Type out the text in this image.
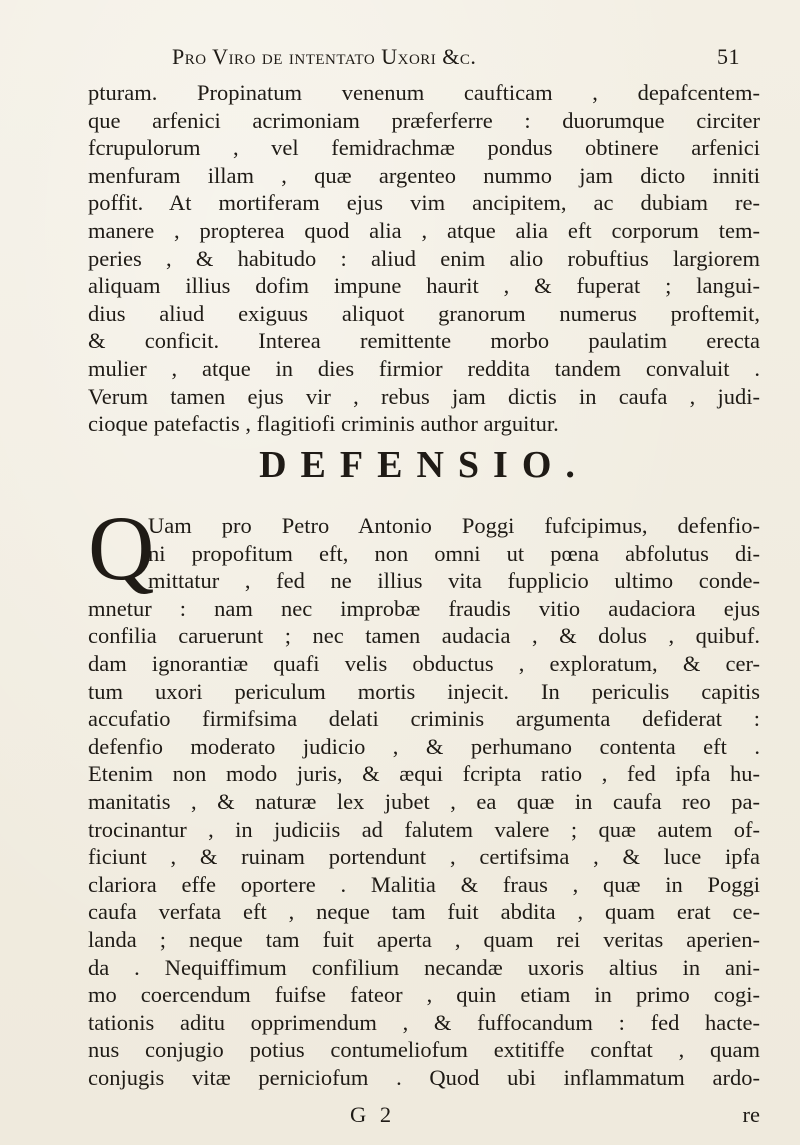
Pro Viro de intentato Uxori &c.	51
pturam. Propinatum venenum caufticam , depafcentem-
que arfenici acrimoniam præferferre : duorumque circiter
fcrupulorum , vel femidrachmæ pondus obtinere arfenici
menfuram illam , quæ argenteo nummo jam dicto inniti
poffit. At mortiferam ejus vim ancipitem, ac dubiam re-
manere , propterea quod alia , atque alia eft corporum tem-
peries , & habitudo : aliud enim alio robuftius largiorem
aliquam illius dofim impune haurit , & fuperat ; langui-
dius aliud exiguus aliquot granorum numerus proftemit,
& conficit. Interea remittente morbo paulatim erecta
mulier , atque in dies firmior reddita tandem convaluit .
Verum tamen ejus vir , rebus jam dictis in caufa , judi-
cioque patefactis , flagitiofi criminis author arguitur.
DEFENSIO.
Q
Uam pro Petro Antonio Poggi fufcipimus, defenfio-
ni propofitum eft, non omni ut pœna abfolutus di-
mittatur , fed ne illius vita fupplicio ultimo conde-
mnetur : nam nec improbæ fraudis vitio audaciora ejus
confilia caruerunt ; nec tamen audacia , & dolus , quibuf.
dam ignorantiæ quafi velis obductus , exploratum, & cer-
tum uxori periculum mortis injecit. In periculis capitis
accufatio firmifsima delati criminis argumenta defiderat :
defenfio moderato judicio , & perhumano contenta eft .
Etenim non modo juris, & æqui fcripta ratio , fed ipfa hu-
manitatis , & naturæ lex jubet , ea quæ in caufa reo pa-
trocinantur , in judiciis ad falutem valere ; quæ autem of-
ficiunt , & ruinam portendunt , certifsima , & luce ipfa
clariora effe oportere . Malitia & fraus , quæ in Poggi
caufa verfata eft , neque tam fuit abdita , quam erat ce-
landa ; neque tam fuit aperta , quam rei veritas aperien-
da . Nequiffimum confilium necandæ uxoris altius in ani-
mo coercendum fuifse fateor , quin etiam in primo cogi-
tationis aditu opprimendum , & fuffocandum : fed hacte-
nus conjugio potius contumeliofum extitiffe conftat , quam
conjugis vitæ perniciofum . Quod ubi inflammatum ardo-
G 2	re
